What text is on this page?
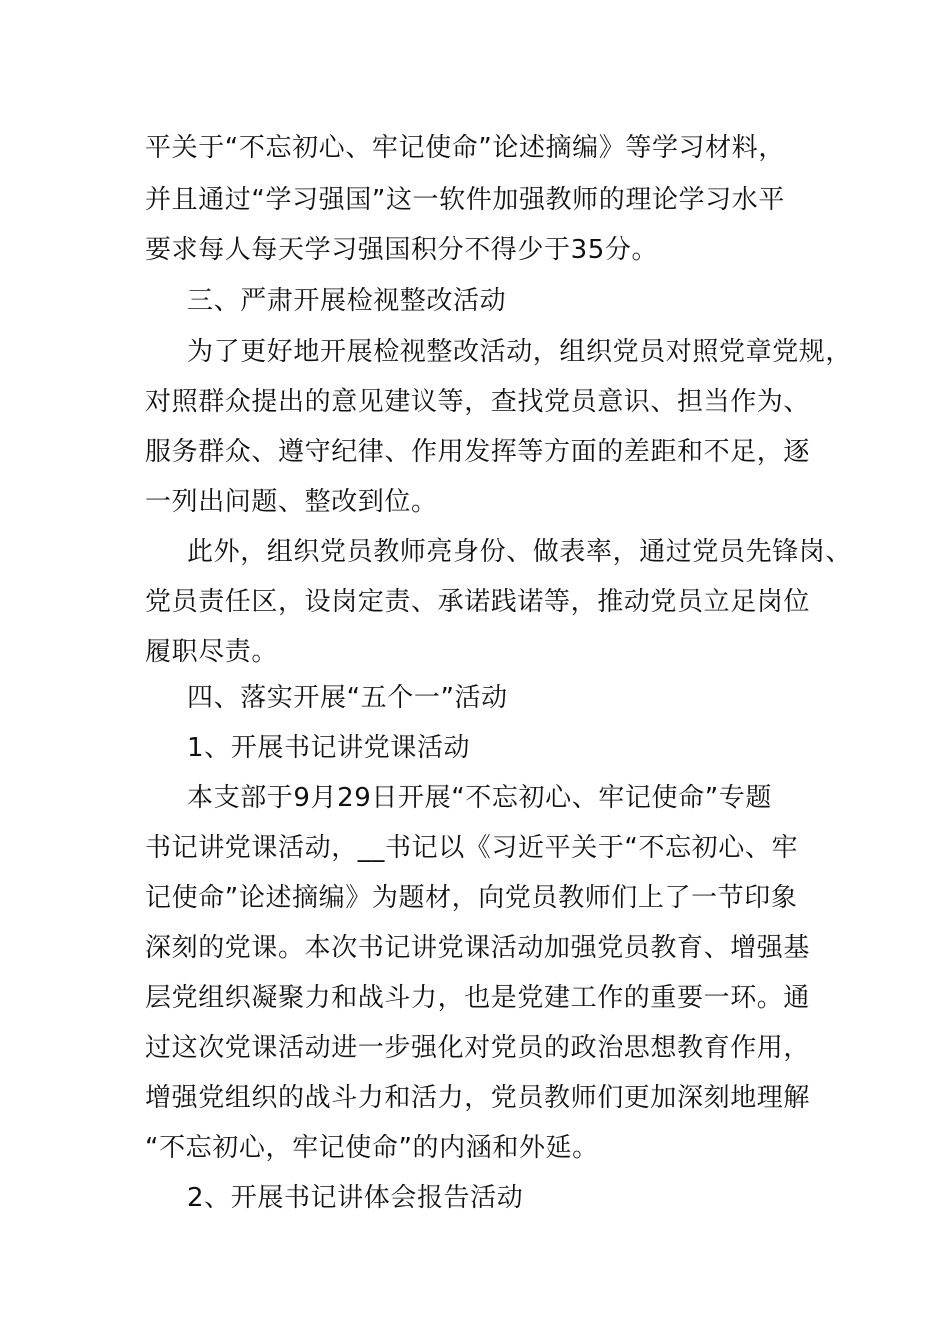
平关于“不忘初心、牢记使命”论述摘编》等学习材料，
并且通过“学习强国”这一软件加强教师的理论学习水平
要求每人每天学习强国积分不得少于35分。
三、严肃开展检视整改活动
为了更好地开展检视整改活动，组织党员对照党章党规，
对照群众提出的意见建议等，查找党员意识、担当作为、
服务群众、遵守纪律、作用发挥等方面的差距和不足，逐
一列出问题、整改到位。
此外，组织党员教师亮身份、做表率，通过党员先锋岗、
党员责任区，设岗定责、承诺践诺等，推动党员立足岗位
履职尽责。
四、落实开展“五个一”活动
1、开展书记讲党课活动
本支部于9月29日开展“不忘初心、牢记使命”专题
书记讲党课活动，__书记以《习近平关于“不忘初心、牢
记使命”论述摘编》为题材，向党员教师们上了一节印象
深刻的党课。本次书记讲党课活动加强党员教育、增强基
层党组织凝聚力和战斗力，也是党建工作的重要一环。通
过这次党课活动进一步强化对党员的政治思想教育作用，
增强党组织的战斗力和活力，党员教师们更加深刻地理解
“不忘初心，牢记使命”的内涵和外延。
2、开展书记讲体会报告活动
